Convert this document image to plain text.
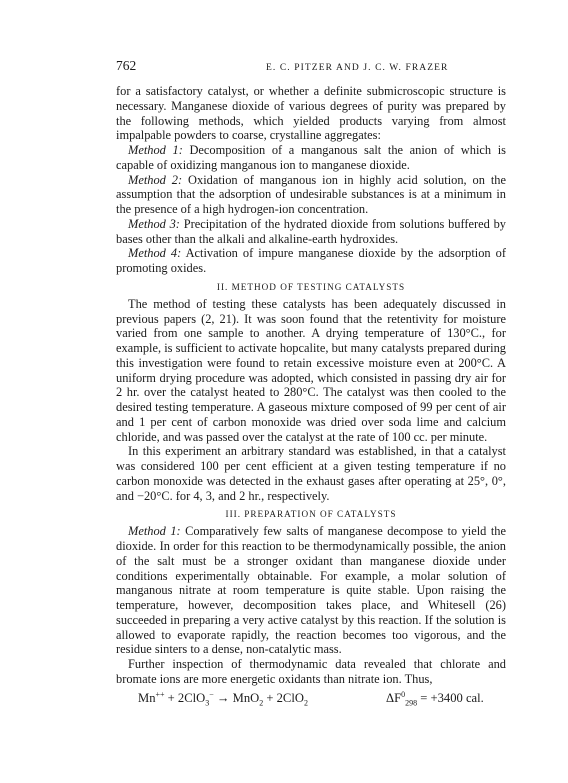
762	E. C. PITZER AND J. C. W. FRAZER

for a satisfactory catalyst, or whether a definite submicroscopic structure is necessary. Manganese dioxide of various degrees of purity was prepared by the following methods, which yielded products varying from almost impalpable powders to coarse, crystalline aggregates:

Method 1: Decomposition of a manganous salt the anion of which is capable of oxidizing manganous ion to manganese dioxide.

Method 2: Oxidation of manganous ion in highly acid solution, on the assumption that the adsorption of undesirable substances is at a minimum in the presence of a high hydrogen-ion concentration.

Method 3: Precipitation of the hydrated dioxide from solutions buffered by bases other than the alkali and alkaline-earth hydroxides.

Method 4: Activation of impure manganese dioxide by the adsorption of promoting oxides.

II. METHOD OF TESTING CATALYSTS

The method of testing these catalysts has been adequately discussed in previous papers (2, 21). It was soon found that the retentivity for moisture varied from one sample to another. A drying temperature of 130°C., for example, is sufficient to activate hopcalite, but many catalysts prepared during this investigation were found to retain excessive moisture even at 200°C. A uniform drying procedure was adopted, which consisted in passing dry air for 2 hr. over the catalyst heated to 280°C. The catalyst was then cooled to the desired testing temperature. A gaseous mixture composed of 99 per cent of air and 1 per cent of carbon monoxide was dried over soda lime and calcium chloride, and was passed over the catalyst at the rate of 100 cc. per minute.

In this experiment an arbitrary standard was established, in that a catalyst was considered 100 per cent efficient at a given testing temperature if no carbon monoxide was detected in the exhaust gases after operating at 25°, 0°, and −20°C. for 4, 3, and 2 hr., respectively.

III. PREPARATION OF CATALYSTS

Method 1: Comparatively few salts of manganese decompose to yield the dioxide. In order for this reaction to be thermodynamically possible, the anion of the salt must be a stronger oxidant than manganese dioxide under conditions experimentally obtainable. For example, a molar solution of manganous nitrate at room temperature is quite stable. Upon raising the temperature, however, decomposition takes place, and Whitesell (26) succeeded in preparing a very active catalyst by this reaction. If the solution is allowed to evaporate rapidly, the reaction becomes too vigorous, and the residue sinters to a dense, non-catalytic mass.

Further inspection of thermodynamic data revealed that chlorate and bromate ions are more energetic oxidants than nitrate ion. Thus,

Mn++ + 2ClO$_3$− → MnO$_2$ + 2ClO$_2$	$\Delta F^0_{298} = +3400$ cal.
